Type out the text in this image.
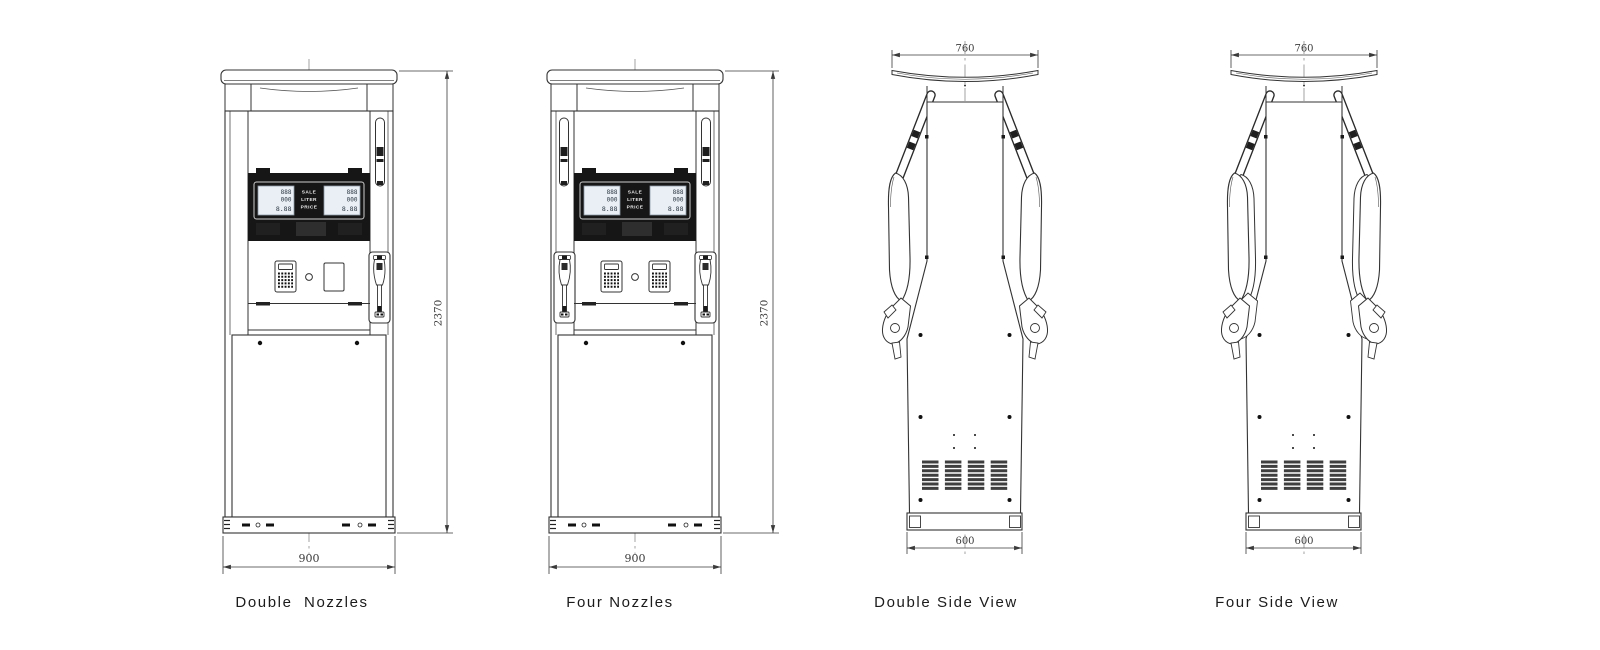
888
000
8.88
888
000
8.88
SALE
LITER
PRICE
900
2370
Double  Nozzles
888
000
8.88
888
000
8.88
SALE
LITER
PRICE
900
2370
Four Nozzles
760
600
Double Side View
760
600
Four Side View
